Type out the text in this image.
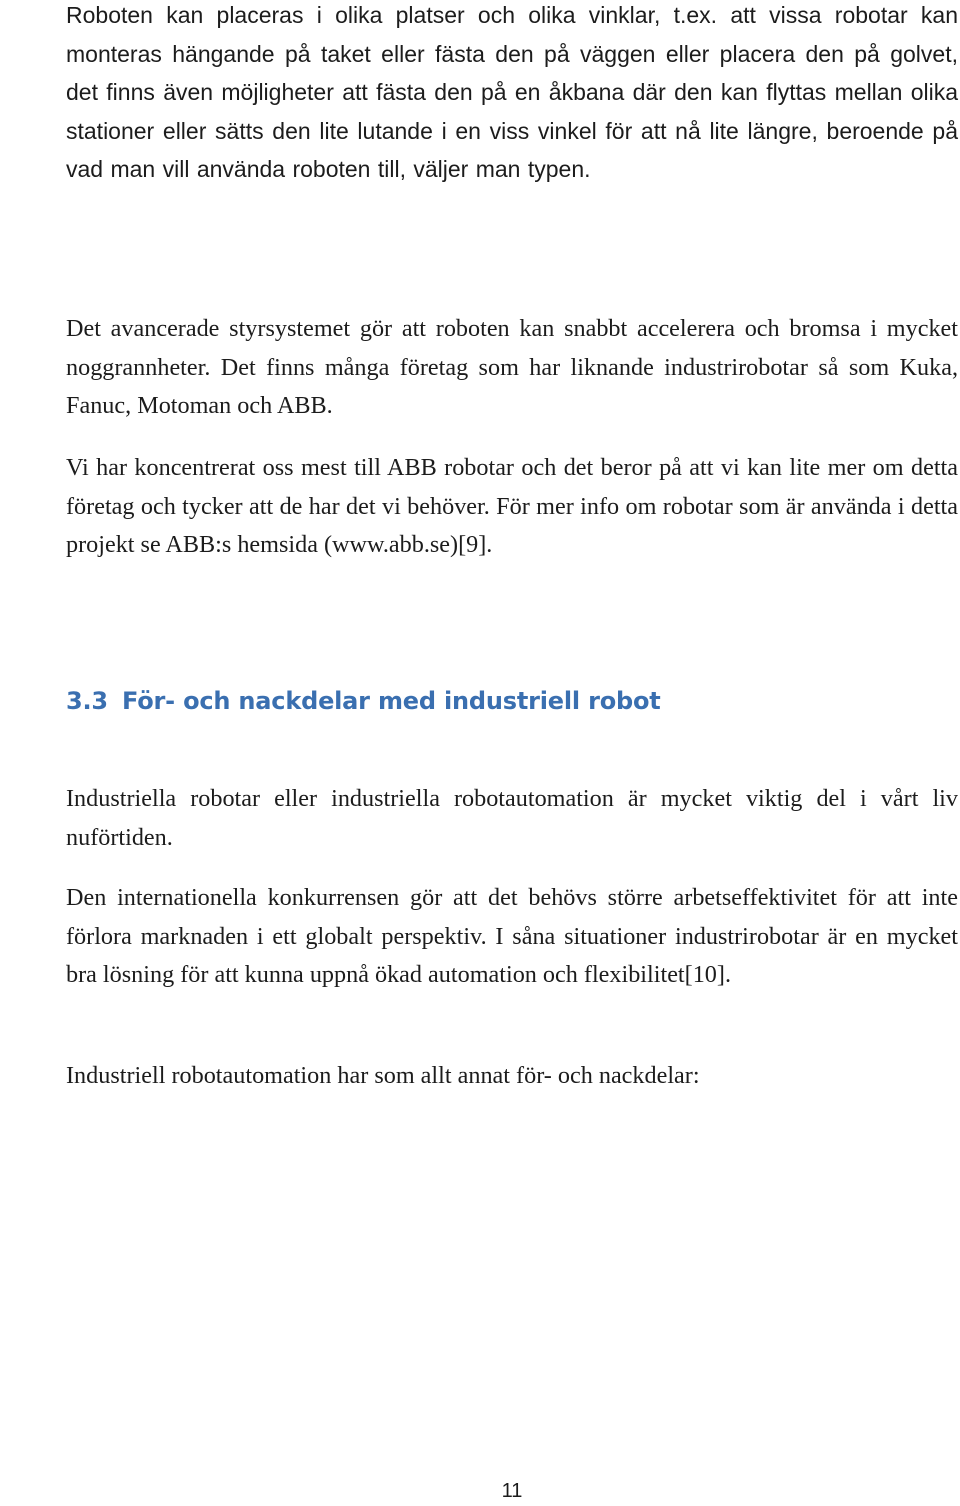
Roboten kan placeras i olika platser och olika vinklar, t.ex. att vissa robotar kan monteras hängande på taket eller fästa den på väggen eller placera den på golvet, det finns även möjligheter att fästa den på en åkbana där den kan flyttas mellan olika stationer eller sätts den lite lutande i en viss vinkel för att nå lite längre, beroende på vad man vill använda roboten till, väljer man typen.

Det avancerade styrsystemet gör att roboten kan snabbt accelerera och bromsa i mycket noggrannheter. Det finns många företag som har liknande industrirobotar så som Kuka, Fanuc, Motoman och ABB.

Vi har koncentrerat oss mest till ABB robotar och det beror på att vi kan lite mer om detta företag och tycker att de har det vi behöver. För mer info om robotar som är använda i detta projekt se ABB:s hemsida (www.abb.se)[9].

3.3 För- och nackdelar med industriell robot

Industriella robotar eller industriella robotautomation är mycket viktig del i vårt liv nuförtiden.

Den internationella konkurrensen gör att det behövs större arbetseffektivitet för att inte förlora marknaden i ett globalt perspektiv. I såna situationer industrirobotar är en mycket bra lösning för att kunna uppnå ökad automation och flexibilitet[10].

Industriell robotautomation har som allt annat för- och nackdelar:

11
